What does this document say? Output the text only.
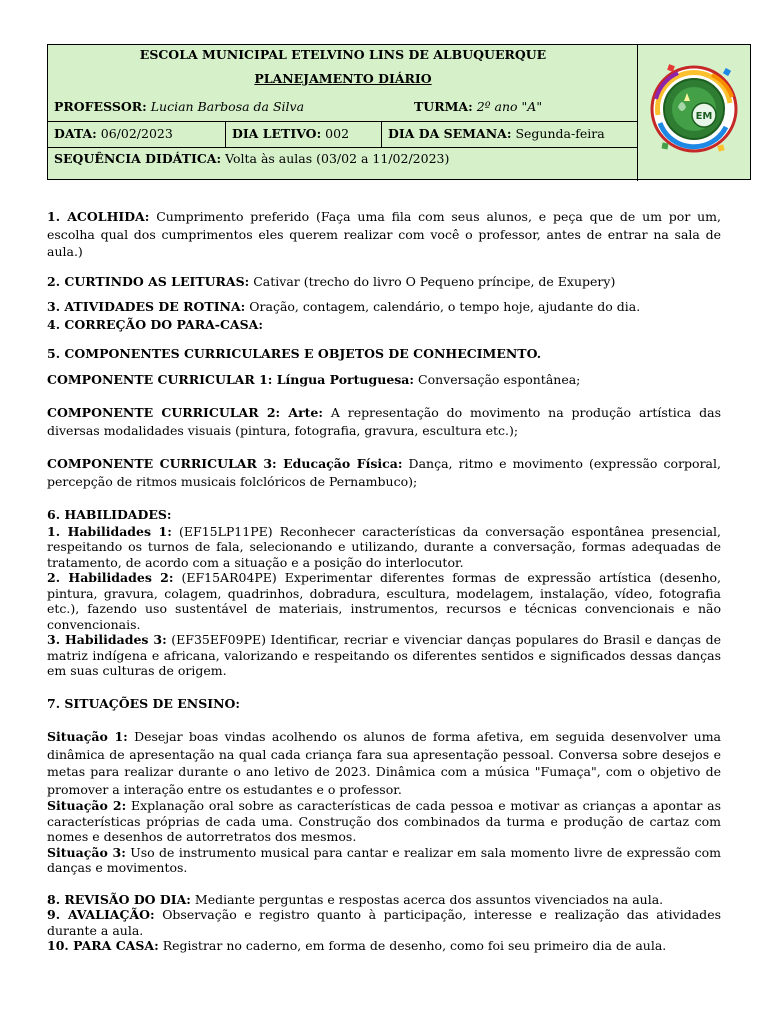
ESCOLA MUNICIPAL ETELVINO LINS DE ALBUQUERQUE
PLANEJAMENTO DIÁRIO
PROFESSOR: Lucian Barbosa da Silva	TURMA: 2º ano "A"
DATA: 06/02/2023	DIA LETIVO: 002	DIA DA SEMANA: Segunda-feira
SEQUÊNCIA DIDÁTICA: Volta às aulas (03/02 a 11/02/2023)
EM

1. ACOLHIDA: Cumprimento preferido (Faça uma fila com seus alunos, e peça que de um por um, escolha qual dos cumprimentos eles querem realizar com você o professor, antes de entrar na sala de aula.)

2. CURTINDO AS LEITURAS: Cativar (trecho do livro O Pequeno príncipe, de Exupery)

3. ATIVIDADES DE ROTINA: Oração, contagem, calendário, o tempo hoje, ajudante do dia.

4. CORREÇÃO DO PARA-CASA:

5. COMPONENTES CURRICULARES E OBJETOS DE CONHECIMENTO.

COMPONENTE CURRICULAR 1: Língua Portuguesa: Conversação espontânea;

COMPONENTE CURRICULAR 2: Arte: A representação do movimento na produção artística das diversas modalidades visuais (pintura, fotografia, gravura, escultura etc.);

COMPONENTE CURRICULAR 3: Educação Física: Dança, ritmo e movimento (expressão corporal, percepção de ritmos musicais folclóricos de Pernambuco);

6. HABILIDADES:

1. Habilidades 1: (EF15LP11PE) Reconhecer características da conversação espontânea presencial, respeitando os turnos de fala, selecionando e utilizando, durante a conversação, formas adequadas de tratamento, de acordo com a situação e a posição do interlocutor.

2. Habilidades 2: (EF15AR04PE) Experimentar diferentes formas de expressão artística (desenho, pintura, gravura, colagem, quadrinhos, dobradura, escultura, modelagem, instalação, vídeo, fotografia etc.), fazendo uso sustentável de materiais, instrumentos, recursos e técnicas convencionais e não convencionais.

3. Habilidades 3: (EF35EF09PE) Identificar, recriar e vivenciar danças populares do Brasil e danças de matriz indígena e africana, valorizando e respeitando os diferentes sentidos e significados dessas danças em suas culturas de origem.

7. SITUAÇÕES DE ENSINO:

Situação 1: Desejar boas vindas acolhendo os alunos de forma afetiva, em seguida desenvolver uma dinâmica de apresentação na qual cada criança fara sua apresentação pessoal. Conversa sobre desejos e metas para realizar durante o ano letivo de 2023. Dinâmica com a música "Fumaça", com o objetivo de promover a interação entre os estudantes e o professor.

Situação 2: Explanação oral sobre as características de cada pessoa e motivar as crianças a apontar as características próprias de cada uma. Construção dos combinados da turma e produção de cartaz com nomes e desenhos de autorretratos dos mesmos.

Situação 3: Uso de instrumento musical para cantar e realizar em sala momento livre de expressão com danças e movimentos.

8. REVISÃO DO DIA: Mediante perguntas e respostas acerca dos assuntos vivenciados na aula.

9. AVALIAÇÃO: Observação e registro quanto à participação, interesse e realização das atividades durante a aula.

10. PARA CASA: Registrar no caderno, em forma de desenho, como foi seu primeiro dia de aula.
